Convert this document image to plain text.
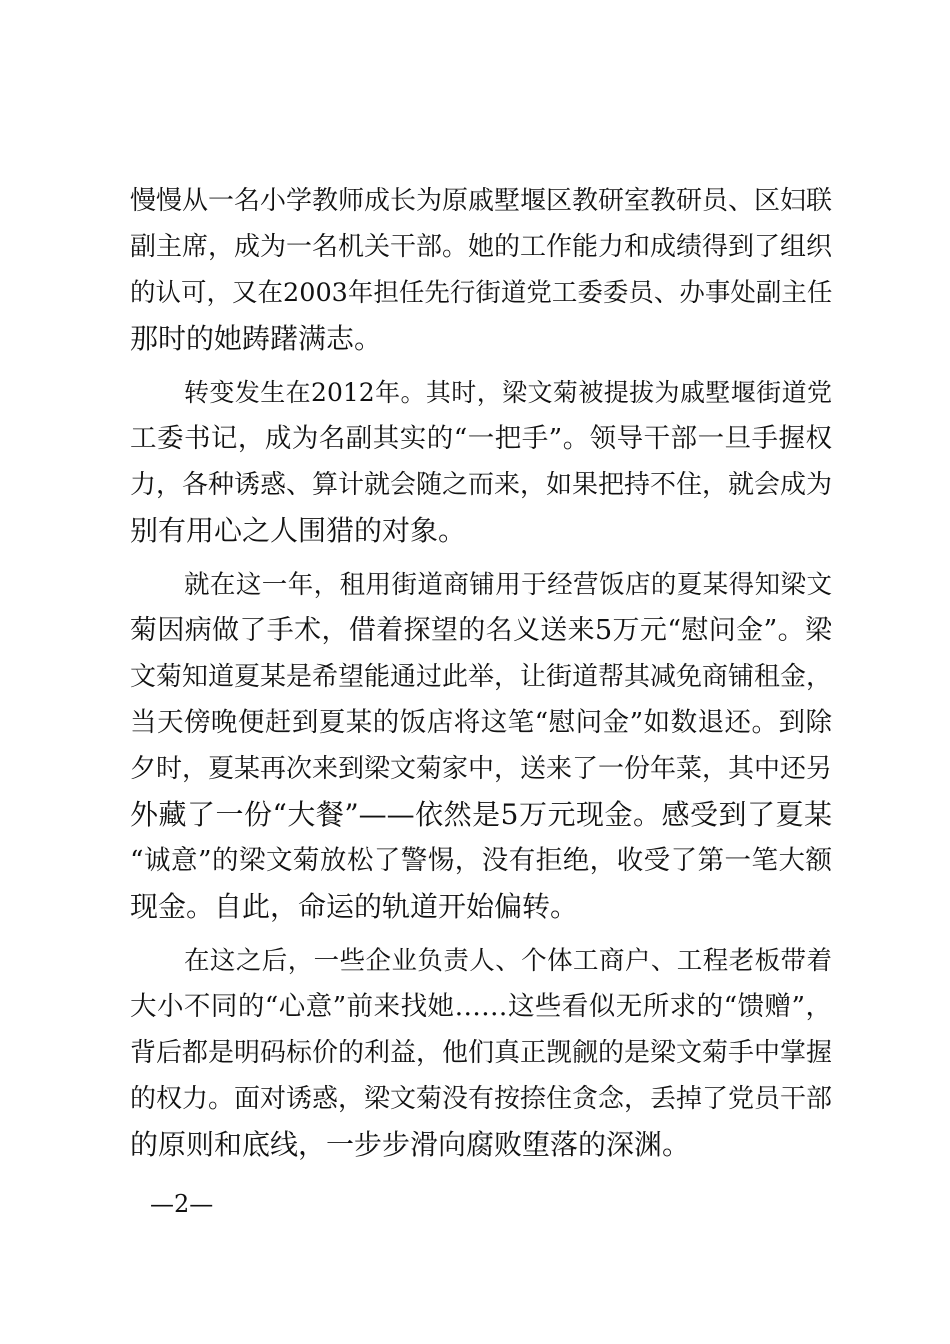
慢慢从一名小学教师成长为原戚墅堰区教研室教研员、区妇联
副主席，成为一名机关干部。她的工作能力和成绩得到了组织
的认可，又在2003年担任先行街道党工委委员、办事处副主任
那时的她踌躇满志。
转变发生在2012年。其时，梁文菊被提拔为戚墅堰街道党
工委书记，成为名副其实的“一把手”。领导干部一旦手握权
力，各种诱惑、算计就会随之而来，如果把持不住，就会成为
别有用心之人围猎的对象。
就在这一年，租用街道商铺用于经营饭店的夏某得知梁文
菊因病做了手术，借着探望的名义送来5万元“慰问金”。梁
文菊知道夏某是希望能通过此举，让街道帮其减免商铺租金，
当天傍晚便赶到夏某的饭店将这笔“慰问金”如数退还。到除
夕时，夏某再次来到梁文菊家中，送来了一份年菜，其中还另
外藏了一份“大餐”——依然是5万元现金。感受到了夏某
“诚意”的梁文菊放松了警惕，没有拒绝，收受了第一笔大额
现金。自此，命运的轨道开始偏转。
在这之后，一些企业负责人、个体工商户、工程老板带着
大小不同的“心意”前来找她……这些看似无所求的“馈赠”，
背后都是明码标价的利益，他们真正觊觎的是梁文菊手中掌握
的权力。面对诱惑，梁文菊没有按捺住贪念，丢掉了党员干部
的原则和底线，一步步滑向腐败堕落的深渊。
—2—
